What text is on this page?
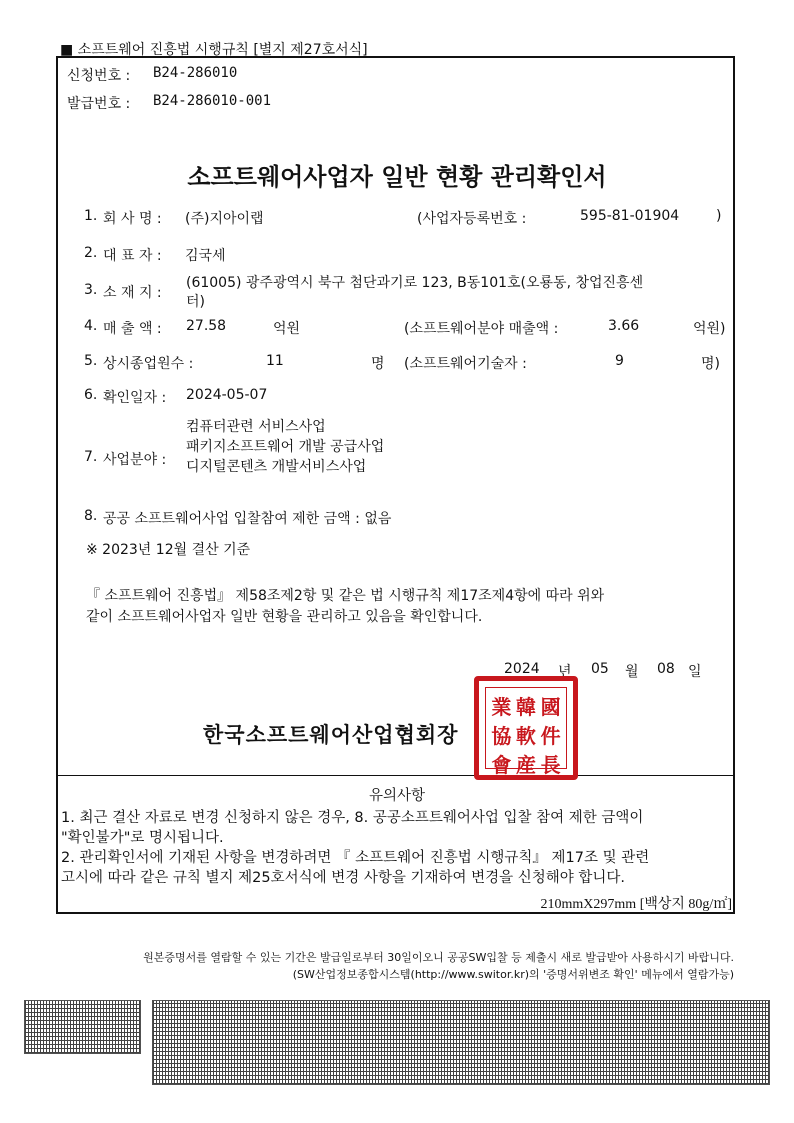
■ 소프트웨어 진흥법 시행규칙 [별지 제27호서식]
신청번호 : B24-286010
발급번호 : B24-286010-001
소프트웨어사업자 일반 현황 관리확인서
1. 회 사 명 : (주)지아이랩	(사업자등록번호 :	595-81-01904	)
2. 대 표 자 : 김국세
3. 소 재 지 :
(61005) 광주광역시 북구 첨단과기로 123, B동101호(오룡동, 창업진흥센
터)
4. 매 출 액 : 27.58	억원	(소프트웨어분야 매출액 :	3.66	억원)
5. 상시종업원수 :	11	명 (소프트웨어기술자 :	9	명)
6. 확인일자 : 2024-05-07
7. 사업분야 :
컴퓨터관련 서비스사업
패키지소프트웨어 개발 공급사업
디지털콘텐츠 개발서비스사업
8. 공공 소프트웨어사업 입찰참여 제한 금액 : 없음
※ 2023년 12월 결산 기준
『 소프트웨어 진흥법』 제58조제2항 및 같은 법 시행규칙 제17조제4항에 따라 위와
같이 소프트웨어사업자 일반 현황을 관리하고 있음을 확인합니다.
2024 년 05 월 08 일
한국소프트웨어산업협회장
業 韓 國
協 軟 件
會 産 長
유의사항
1. 최근 결산 자료로 변경 신청하지 않은 경우, 8. 공공소프트웨어사업 입찰 참여 제한 금액이
"확인불가"로 명시됩니다.
2. 관리확인서에 기재된 사항을 변경하려면 『 소프트웨어 진흥법 시행규칙』 제17조 및 관련
고시에 따라 같은 규칙 별지 제25호서식에 변경 사항을 기재하여 변경을 신청해야 합니다.
210mmX297mm [백상지 80g/㎡]
원본증명서를 열람할 수 있는 기간은 발급일로부터 30일이오니 공공SW입찰 등 제출시 새로 발급받아 사용하시기 바랍니다.
(SW산업정보종합시스템(http://www.switor.kr)의 '증명서위변조 확인' 메뉴에서 열람가능)
